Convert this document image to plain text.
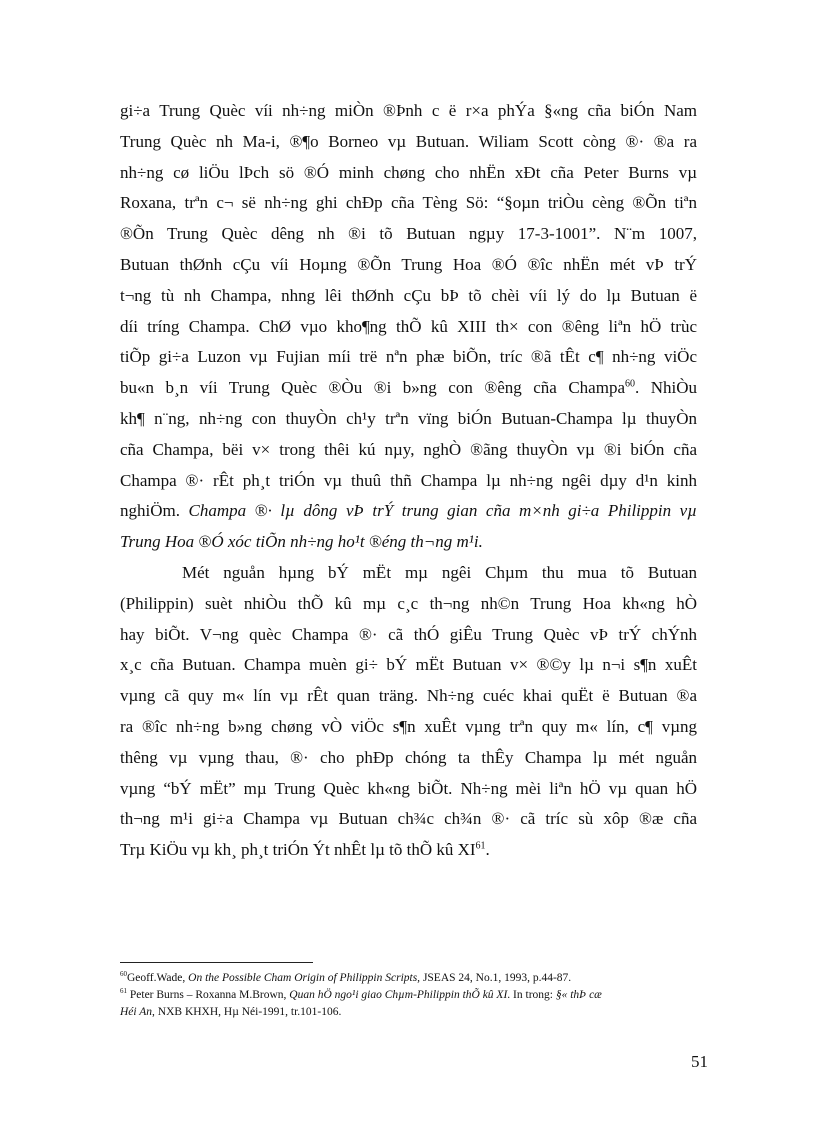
gi÷a Trung Quèc víi nh÷ng miÒn ®Þnh c ë r×a phÝa §«ng cña biÓn Nam
Trung Quèc nh Ma-i, ®¶o Borneo vµ Butuan. Wiliam Scott còng ®· ®a ra
nh÷ng cø liÖu lÞch sö ®Ó minh chøng cho nhËn xÐt cña Peter Burns vµ
Roxana, trªn c¬ së nh÷ng ghi chÐp cña Tèng Sö: “§oµn triÒu cèng ®Õn tiªn
®Õn Trung Quèc dêng nh ®i tõ Butuan ngµy 17-3-1001”. N¨m 1007,
Butuan thØnh cÇu víi Hoµng ®Õn Trung Hoa ®Ó ®îc nhËn mét vÞ trÝ
t¬ng tù nh Champa, nhng lêi thØnh cÇu bÞ tõ chèi víi lý do lµ Butuan ë
díi tríng Champa. ChØ vµo kho¶ng thÕ kû XIII th× con ®êng liªn hÖ trùc
tiÕp gi÷a Luzon vµ Fujian míi trë nªn phæ biÕn, tríc ®ã tÊt c¶ nh÷ng viÖc
bu«n b¸n víi Trung Quèc ®Òu ®i b»ng con ®êng cña Champa$^{60}$. NhiÒu
kh¶ n¨ng, nh÷ng con thuyÒn ch¹y trªn vïng biÓn Butuan-Champa lµ thuyÒn
cña Champa, bëi v× trong thêi kú nµy, nghÒ ®ãng thuyÒn vµ ®i biÓn cña
Champa ®· rÊt ph¸t triÓn vµ thuû thñ Champa lµ nh÷ng ngêi dµy d¹n kinh
nghiÖm. Champa ®· lµ dông vÞ trÝ trung gian cña m×nh gi÷a Philippin vµ
Trung Hoa ®Ó xóc tiÕn nh÷ng ho¹t ®éng th¬ng m¹i.
Mét nguån hµng bÝ mËt mµ ngêi Chµm thu mua tõ Butuan
(Philippin) suèt nhiÒu thÕ kû mµ c¸c th¬ng nh©n Trung Hoa kh«ng hÒ
hay biÕt. V¬ng quèc Champa ®· cã thÓ giÊu Trung Quèc vÞ trÝ chÝnh
x¸c cña Butuan. Champa muèn gi÷ bÝ mËt Butuan v× ®©y lµ n¬i s¶n xuÊt
vµng cã quy m« lín vµ rÊt quan träng. Nh÷ng cuéc khai quËt ë Butuan ®a
ra ®îc nh÷ng b»ng chøng vÒ viÖc s¶n xuÊt vµng trªn quy m« lín, c¶ vµng
thêng vµ vµng thau, ®· cho phÐp chóng ta thÊy Champa lµ mét nguån
vµng “bÝ mËt” mµ Trung Quèc kh«ng biÕt. Nh÷ng mèi liªn hÖ vµ quan hÖ
th¬ng m¹i gi÷a Champa vµ Butuan ch¾c ch¾n ®· cã tríc sù xôp ®æ cña
Trµ KiÖu vµ kh¸ ph¸t triÓn Ýt nhÊt lµ tõ thÕ kû XI$^{61}$.
$^{60}$Geoff.Wade, On the Possible Cham Origin of Philippin Scripts, JSEAS 24, No.1, 1993, p.44-87.
$^{61}$ Peter Burns – Roxanna M.Brown, Quan hÖ ngo¹i giao Chµm-Philippin thÕ kû XI. In trong: §« thÞ cæ
Héi An, NXB KHXH, Hµ Néi-1991, tr.101-106.
51
